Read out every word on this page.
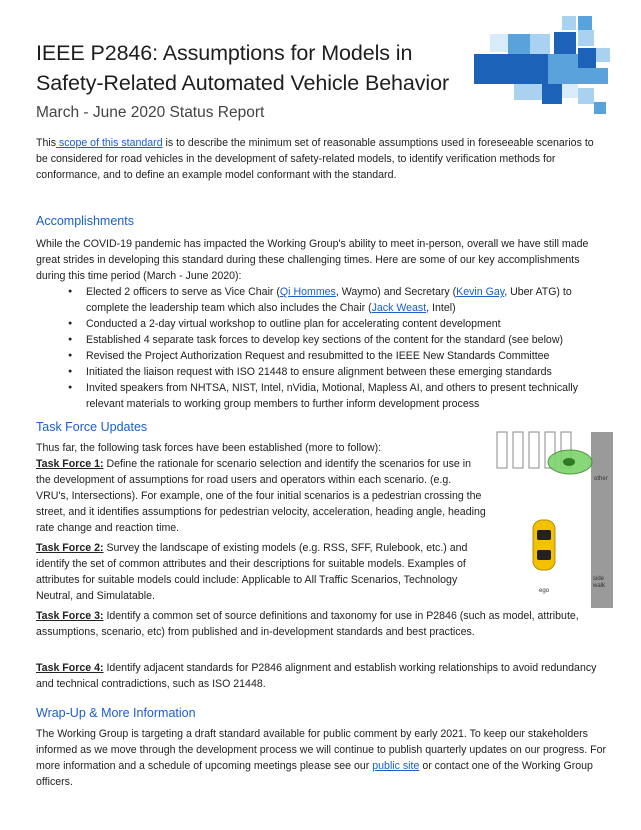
IEEE P2846: Assumptions for Models in
Safety-Related Automated Vehicle Behavior
March - June 2020 Status Report
This scope of this standard is to describe the minimum set of reasonable assumptions used in foreseeable scenarios to be considered for road vehicles in the development of safety-related models, to identify verification methods for conformance, and to define an example model conformant with the standard.
Accomplishments
While the COVID-19 pandemic has impacted the Working Group's ability to meet in-person, overall we have still made great strides in developing this standard during these challenging times. Here are some of our key accomplishments during this time period (March - June 2020):
● Elected 2 officers to serve as Vice Chair (Qi Hommes, Waymo) and Secretary (Kevin Gay, Uber ATG) to complete the leadership team which also includes the Chair (Jack Weast, Intel)
● Conducted a 2-day virtual workshop to outline plan for accelerating content development
● Established 4 separate task forces to develop key sections of the content for the standard (see below)
● Revised the Project Authorization Request and resubmitted to the IEEE New Standards Committee
● Initiated the liaison request with ISO 21448 to ensure alignment between these emerging standards
● Invited speakers from NHTSA, NIST, Intel, nVidia, Motional, Mapless AI, and others to present technically relevant materials to working group members to further inform development process
Task Force Updates
Thus far, the following task forces have been established (more to follow):
Task Force 1: Define the rationale for scenario selection and identify the scenarios for use in the development of assumptions for road users and operators within each scenario. (e.g. VRU's, Intersections). For example, one of the four initial scenarios is a pedestrian crossing the street, and it identifies assumptions for pedestrian velocity, acceleration, heading angle, heading rate change and reaction time.
Task Force 2: Survey the landscape of existing models (e.g. RSS, SFF, Rulebook, etc.) and identify the set of common attributes and their descriptions for suitable models. Examples of attributes for suitable models could include: Applicable to All Traffic Scenarios, Technology Neutral, and Simulatable.
Task Force 3: Identify a common set of source definitions and taxonomy for use in P2846 (such as model, attribute, assumptions, scenario, etc) from published and in-development standards and best practices.
Task Force 4: Identify adjacent standards for P2846 alignment and establish working relationships to avoid redundancy and technical contradictions, such as ISO 21448.
other
side
walk
ego
Wrap-Up & More Information
The Working Group is targeting a draft standard available for public comment by early 2021. To keep our stakeholders informed as we move through the development process we will continue to publish quarterly updates on our progress. For more information and a schedule of upcoming meetings please see our public site or contact one of the Working Group officers.
